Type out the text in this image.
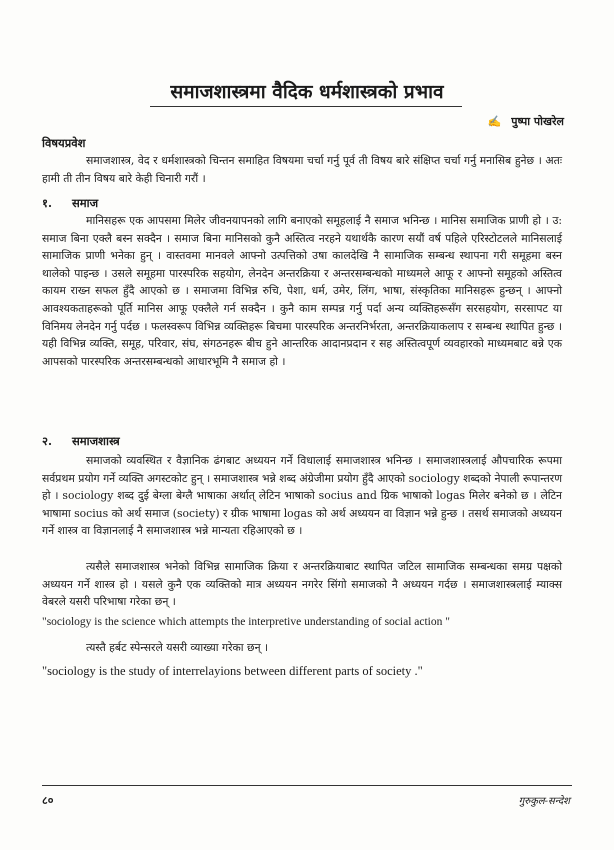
समाजशास्त्रमा वैदिक धर्मशास्त्रको प्रभाव
✍ पुष्पा पोखरेल
विषयप्रवेश
समाजशास्त्र, वेद र धर्मशास्त्रको चिन्तन समाहित विषयमा चर्चा गर्नु पूर्व ती विषय बारे संक्षिप्त चर्चा गर्नु मनासिब हुनेछ । अतः हामी ती तीन विषय बारे केही चिनारी गरौं ।
१. समाज
मानिसहरू एक आपसमा मिलेर जीवनयापनको लागि बनाएको समूहलाई नै समाज भनिन्छ । मानिस समाजिक प्राणी हो । उ: समाज बिना एक्लै बस्न सक्दैन । समाज बिना मानिसको कुनै अस्तित्व नरहने यथार्थकै कारण सयौं वर्ष पहिले एरिस्टोटलले मानिसलाई सामाजिक प्राणी भनेका हुन् । वास्तवमा मानवले आफ्नो उत्पत्तिको उषा कालदेखि नै सामाजिक सम्बन्ध स्थापना गरी समूहमा बस्न थालेको पाइन्छ । उसले समूहमा पारस्परिक सहयोग, लेनदेन अन्तरक्रिया र अन्तरसम्बन्धको माध्यमले आफू र आफ्नो समूहको अस्तित्व कायम राख्न सफल हुँदै आएको छ । समाजमा विभिन्न रुचि, पेशा, धर्म, उमेर, लिंग, भाषा, संस्कृतिका मानिसहरू हुन्छन् । आफ्नो आवश्यकताहरूको पूर्ति मानिस आफू एक्लैले गर्न सक्दैन । कुनै काम सम्पन्न गर्नु पर्दा अन्य व्यक्तिहरूसँग सरसहयोग, सरसापट या विनिमय लेनदेन गर्नु पर्दछ । फलस्वरूप विभिन्न व्यक्तिहरू बिचमा पारस्परिक अन्तरनिर्भरता, अन्तरक्रियाकलाप र सम्बन्ध स्थापित हुन्छ । यही विभिन्न व्यक्ति, समूह, परिवार, संघ, संगठनहरू बीच हुने आन्तरिक आदानप्रदान र सह अस्तित्वपूर्ण व्यवहारको माध्यमबाट बन्ने एक आपसको पारस्परिक अन्तरसम्बन्धको आधारभूमि नै समाज हो ।
२. समाजशास्त्र
समाजको व्यवस्थित र वैज्ञानिक ढंगबाट अध्ययन गर्ने विधालाई समाजशास्त्र भनिन्छ । समाजशास्त्रलाई औपचारिक रूपमा सर्वप्रथम प्रयोग गर्ने व्यक्ति अगस्टकोट हुन् । समाजशास्त्र भन्ने शब्द अंग्रेजीमा प्रयोग हुँदै आएको sociology शब्दको नेपाली रूपान्तरण हो । sociology शब्द दुई बेग्ला बेग्लै भाषाका अर्थात् लेटिन भाषाको socius and ग्रिक भाषाको logas मिलेर बनेको छ । लेटिन भाषामा socius को अर्थ समाज (society) र ग्रीक भाषामा logas को अर्थ अध्ययन वा विज्ञान भन्ने हुन्छ । तसर्थ समाजको अध्ययन गर्ने शास्त्र वा विज्ञानलाई नै समाजशास्त्र भन्ने मान्यता रहिआएको छ ।
त्यसैले समाजशास्त्र भनेको विभिन्न सामाजिक क्रिया र अन्तरक्रियाबाट स्थापित जटिल सामाजिक सम्बन्धका समग्र पक्षको अध्ययन गर्ने शास्त्र हो । यसले कुनै एक व्यक्तिको मात्र अध्ययन नगरेर सिंगो समाजको नै अध्ययन गर्दछ । समाजशास्त्रलाई म्याक्स वेबरले यसरी परिभाषा गरेका छन् ।
"sociology is the science which attempts the interpretive understanding of social action "
त्यस्तै हर्बट स्पेन्सरले यसरी व्याख्या गरेका छन् ।
"sociology is the study of interrelayions between different parts of society ."
८०	गुरुकुल-सन्देश
